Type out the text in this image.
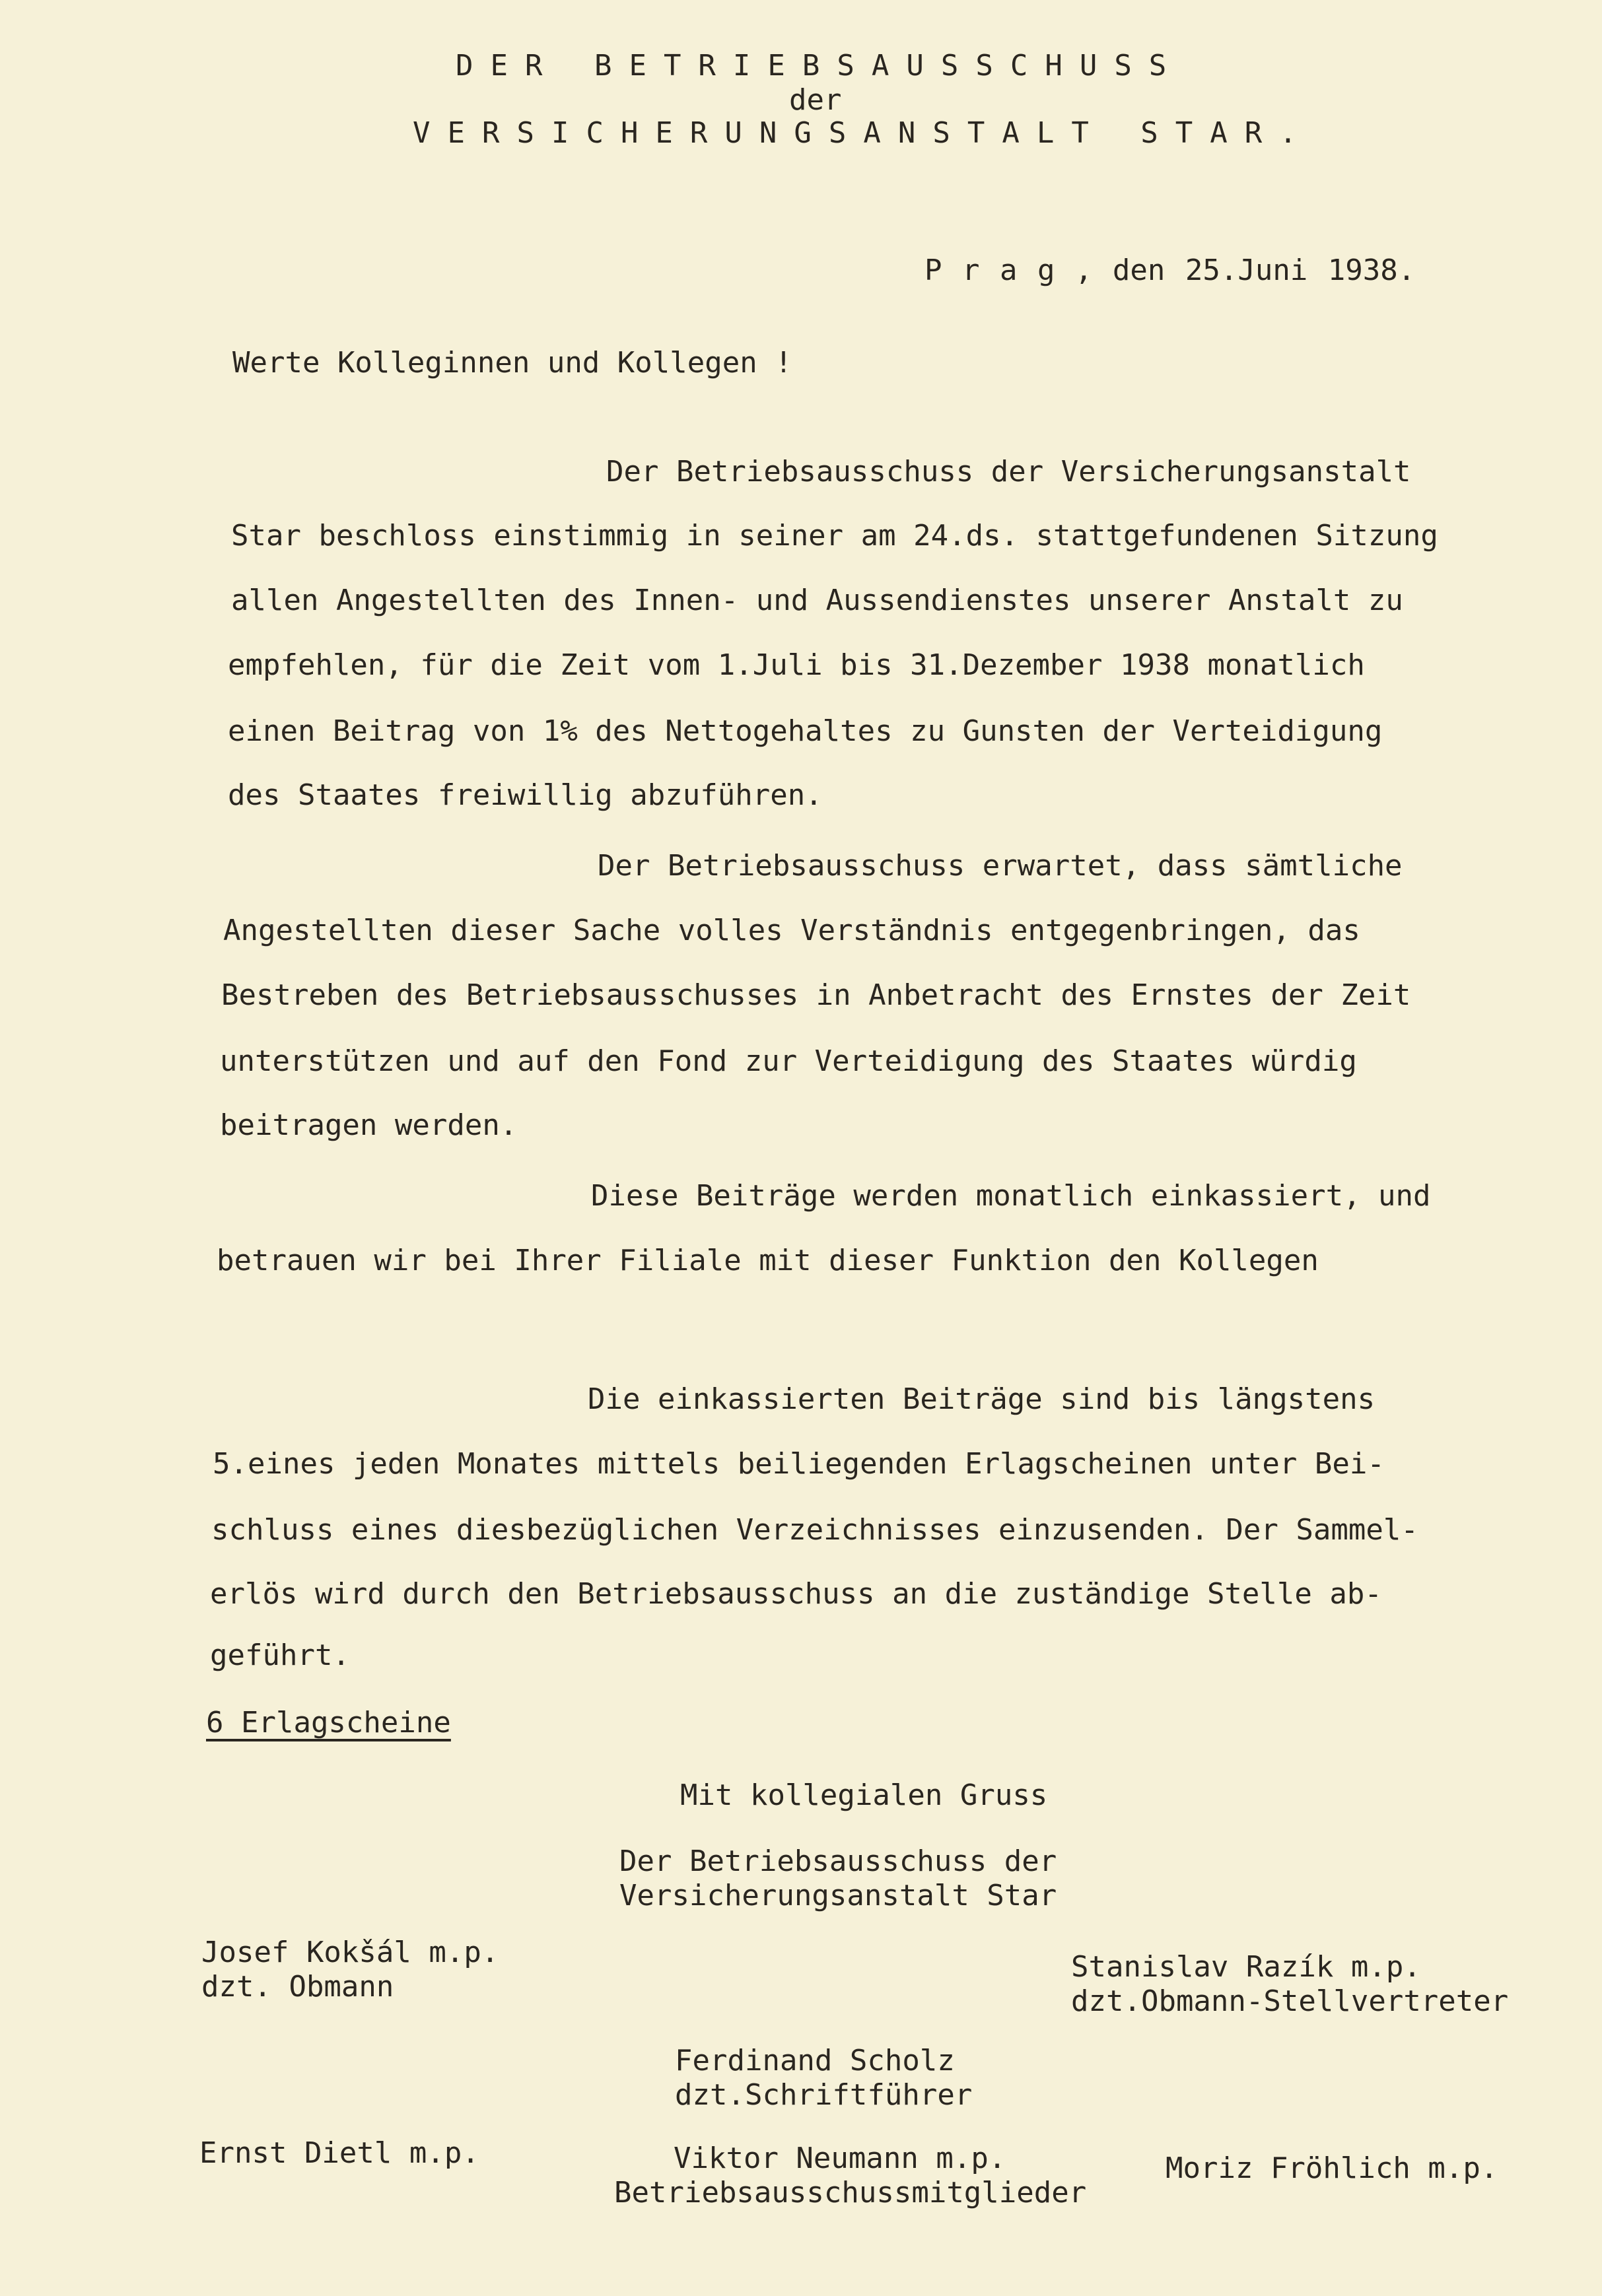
DER BETRIEBSAUSSCHUSS
der
VERSICHERUNGSANSTALT STAR.
P r a g , den 25.Juni 1938.
Werte Kolleginnen und Kollegen !
Der Betriebsausschuss der Versicherungsanstalt
Star beschloss einstimmig in seiner am 24.ds. stattgefundenen Sitzung
allen Angestellten des Innen- und Aussendienstes unserer Anstalt zu
empfehlen, für die Zeit vom 1.Juli bis 31.Dezember 1938 monatlich
einen Beitrag von 1% des Nettogehaltes zu Gunsten der Verteidigung
des Staates freiwillig abzuführen.
Der Betriebsausschuss erwartet, dass sämtliche
Angestellten dieser Sache volles Verständnis entgegenbringen, das
Bestreben des Betriebsausschusses in Anbetracht des Ernstes der Zeit
unterstützen und auf den Fond zur Verteidigung des Staates würdig
beitragen werden.
Diese Beiträge werden monatlich einkassiert, und
betrauen wir bei Ihrer Filiale mit dieser Funktion den Kollegen
Die einkassierten Beiträge sind bis längstens
5.eines jeden Monates mittels beiliegenden Erlagscheinen unter Bei-
schluss eines diesbezüglichen Verzeichnisses einzusenden. Der Sammel-
erlös wird durch den Betriebsausschuss an die zuständige Stelle ab-
geführt.
6 Erlagscheine
Mit kollegialen Gruss
Der Betriebsausschuss der
Versicherungsanstalt Star
Josef Kokšál m.p.
dzt. Obmann
Stanislav Razík m.p.
dzt.Obmann-Stellvertreter
Ferdinand Scholz
dzt.Schriftführer
Ernst Dietl m.p.	Viktor Neumann m.p.
Betriebsausschussmitglieder
Moriz Fröhlich m.p.
